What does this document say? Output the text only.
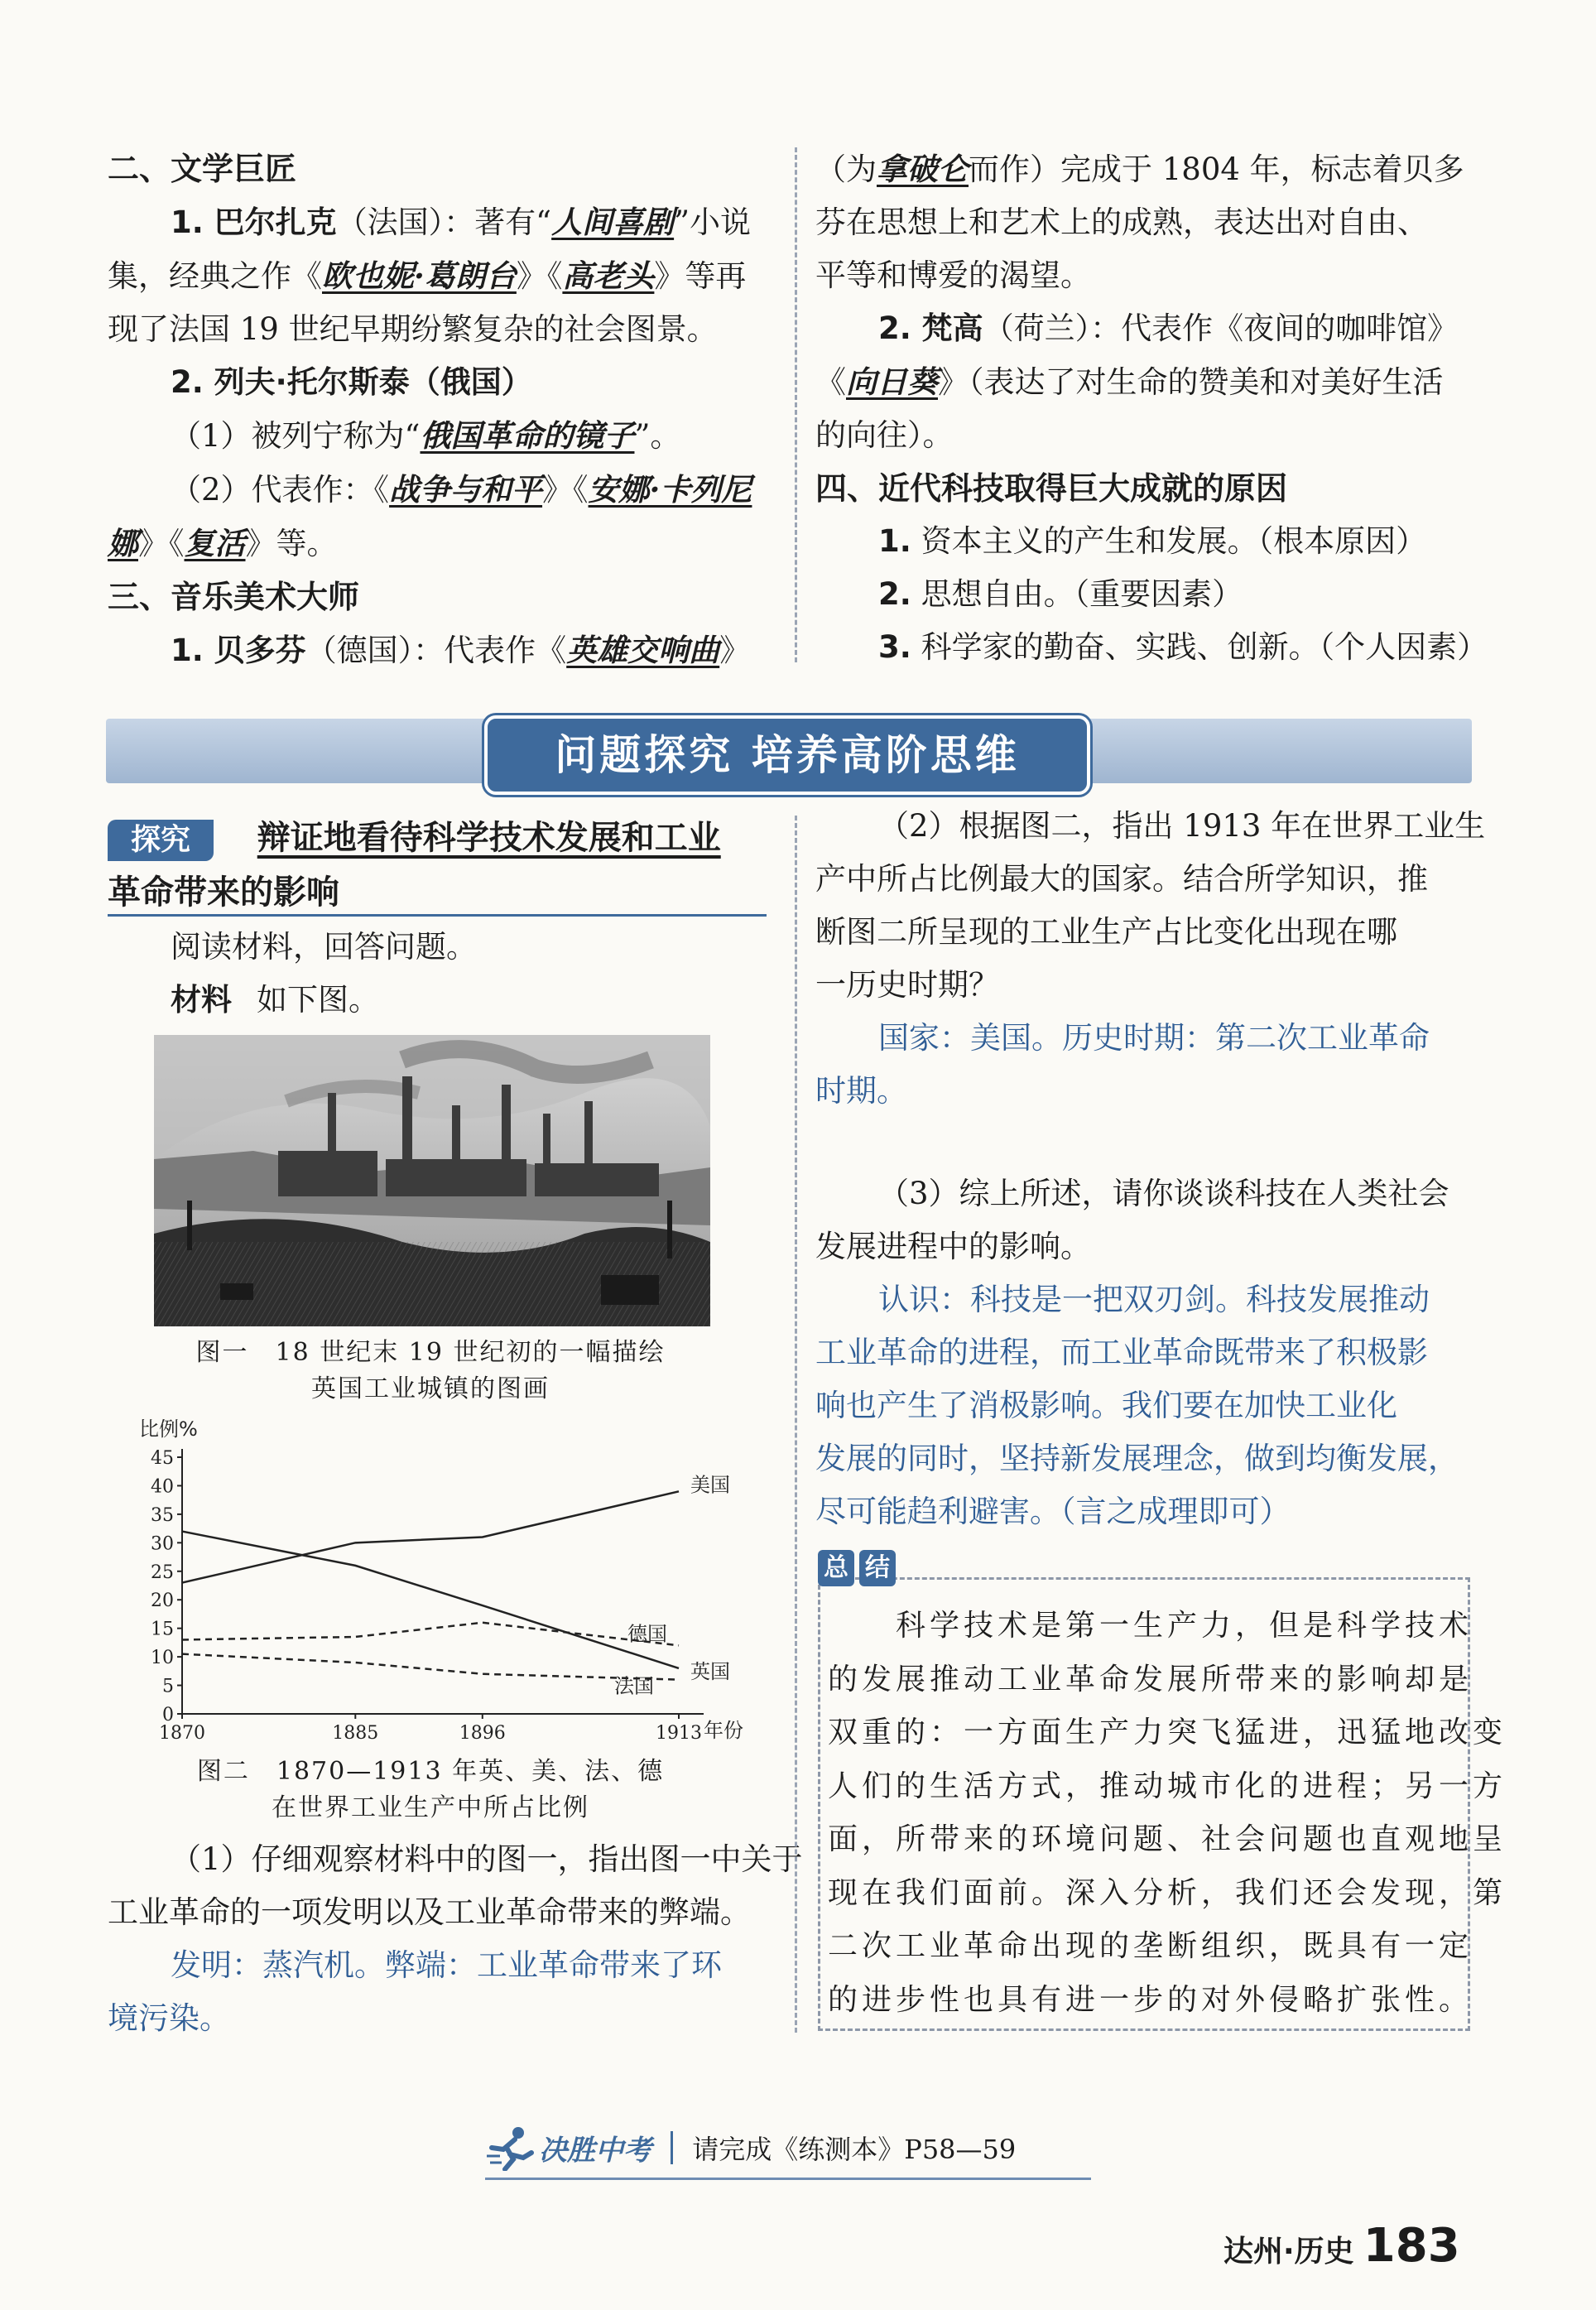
二、文学巨匠
1. 巴尔扎克（法国）：著有“人间喜剧”小说
集，经典之作《欧也妮·葛朗台》《高老头》等再
现了法国 19 世纪早期纷繁复杂的社会图景。
2. 列夫·托尔斯泰（俄国）
（1）被列宁称为“俄国革命的镜子”。
（2）代表作：《战争与和平》《安娜·卡列尼
娜》《复活》等。
三、音乐美术大师
1. 贝多芬（德国）：代表作《英雄交响曲》
（为拿破仑而作）完成于 1804 年，标志着贝多
芬在思想上和艺术上的成熟，表达出对自由、
平等和博爱的渴望。
2. 梵高（荷兰）：代表作《夜间的咖啡馆》
《向日葵》（表达了对生命的赞美和对美好生活
的向往）。
四、近代科技取得巨大成就的原因
1. 资本主义的产生和发展。（根本原因）
2. 思想自由。（重要因素）
3. 科学家的勤奋、实践、创新。（个人因素）
问题探究 培养高阶思维
探究 辩证地看待科学技术发展和工业
革命带来的影响
阅读材料，回答问题。
材料 如下图。
图一　18 世纪末 19 世纪初的一幅描绘
英国工业城镇的图画
比例%
年份
0
5
10
15
20
25
30
35
40
45
1870	1885	1896	1913
美国
英国
德国
法国
图二　1870—1913 年英、美、法、德
在世界工业生产中所占比例
（1）仔细观察材料中的图一，指出图一中关于
工业革命的一项发明以及工业革命带来的弊端。
发明：蒸汽机。弊端：工业革命带来了环
境污染。
（2）根据图二，指出 1913 年在世界工业生
产中所占比例最大的国家。结合所学知识，推
断图二所呈现的工业生产占比变化出现在哪
一历史时期？
国家：美国。历史时期：第二次工业革命
时期。
（3）综上所述，请你谈谈科技在人类社会
发展进程中的影响。
认识：科技是一把双刃剑。科技发展推动
工业革命的进程，而工业革命既带来了积极影
响也产生了消极影响。我们要在加快工业化
发展的同时，坚持新发展理念，做到均衡发展，
尽可能趋利避害。（言之成理即可）
总 结
　　科学技术是第一生产力，但是科学技术
的发展推动工业革命发展所带来的影响却是
双重的：一方面生产力突飞猛进，迅猛地改变
人们的生活方式，推动城市化的进程；另一方
面，所带来的环境问题、社会问题也直观地呈
现在我们面前。深入分析，我们还会发现，第
二次工业革命出现的垄断组织，既具有一定
的进步性也具有进一步的对外侵略扩张性。
决胜中考 请完成《练测本》P58—59
达州·历史 183
